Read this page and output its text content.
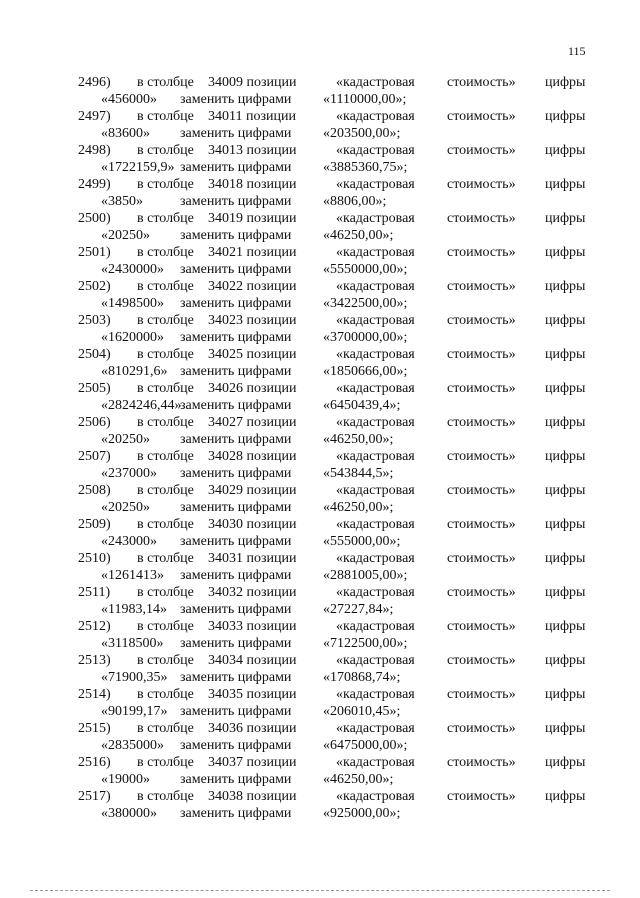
115
2496) в столбце 34009 позиции	«кадастровая стоимость» цифры
«456000» заменить цифрами «1110000,00»;
2497) в столбце 34011 позиции	«кадастровая стоимость» цифры
«83600» заменить цифрами «203500,00»;
2498) в столбце 34013 позиции	«кадастровая стоимость» цифры
«1722159,9» заменить цифрами «3885360,75»;
2499) в столбце 34018 позиции	«кадастровая стоимость» цифры
«3850»	заменить цифрами «8806,00»;
2500) в столбце 34019 позиции	«кадастровая стоимость» цифры
«20250» заменить цифрами «46250,00»;
2501) в столбце 34021 позиции	«кадастровая стоимость» цифры
«2430000» заменить цифрами «5550000,00»;
2502) в столбце 34022 позиции	«кадастровая стоимость» цифры
«1498500» заменить цифрами «3422500,00»;
2503) в столбце 34023 позиции	«кадастровая стоимость» цифры
«1620000» заменить цифрами «3700000,00»;
2504) в столбце 34025 позиции	«кадастровая стоимость» цифры
«810291,6» заменить цифрами «1850666,00»;
2505) в столбце 34026 позиции	«кадастровая стоимость» цифры
«2824246,44»
заменить цифрами «6450439,4»;
2506) в столбце 34027 позиции	«кадастровая стоимость» цифры
«20250» заменить цифрами «46250,00»;
2507) в столбце 34028 позиции	«кадастровая стоимость» цифры
«237000» заменить цифрами «543844,5»;
2508) в столбце 34029 позиции	«кадастровая стоимость» цифры
«20250» заменить цифрами «46250,00»;
2509) в столбце 34030 позиции	«кадастровая стоимость» цифры
«243000» заменить цифрами «555000,00»;
2510) в столбце 34031 позиции	«кадастровая стоимость» цифры
«1261413» заменить цифрами «2881005,00»;
2511) в столбце 34032 позиции	«кадастровая стоимость» цифры
«11983,14» заменить цифрами «27227,84»;
2512) в столбце 34033 позиции	«кадастровая стоимость» цифры
«3118500» заменить цифрами «7122500,00»;
2513) в столбце 34034 позиции	«кадастровая стоимость» цифры
«71900,35» заменить цифрами «170868,74»;
2514) в столбце 34035 позиции	«кадастровая стоимость» цифры
«90199,17» заменить цифрами «206010,45»;
2515) в столбце 34036 позиции	«кадастровая стоимость» цифры
«2835000» заменить цифрами «6475000,00»;
2516) в столбце 34037 позиции	«кадастровая стоимость» цифры
«19000» заменить цифрами «46250,00»;
2517) в столбце 34038 позиции	«кадастровая стоимость» цифры
«380000» заменить цифрами «925000,00»;
